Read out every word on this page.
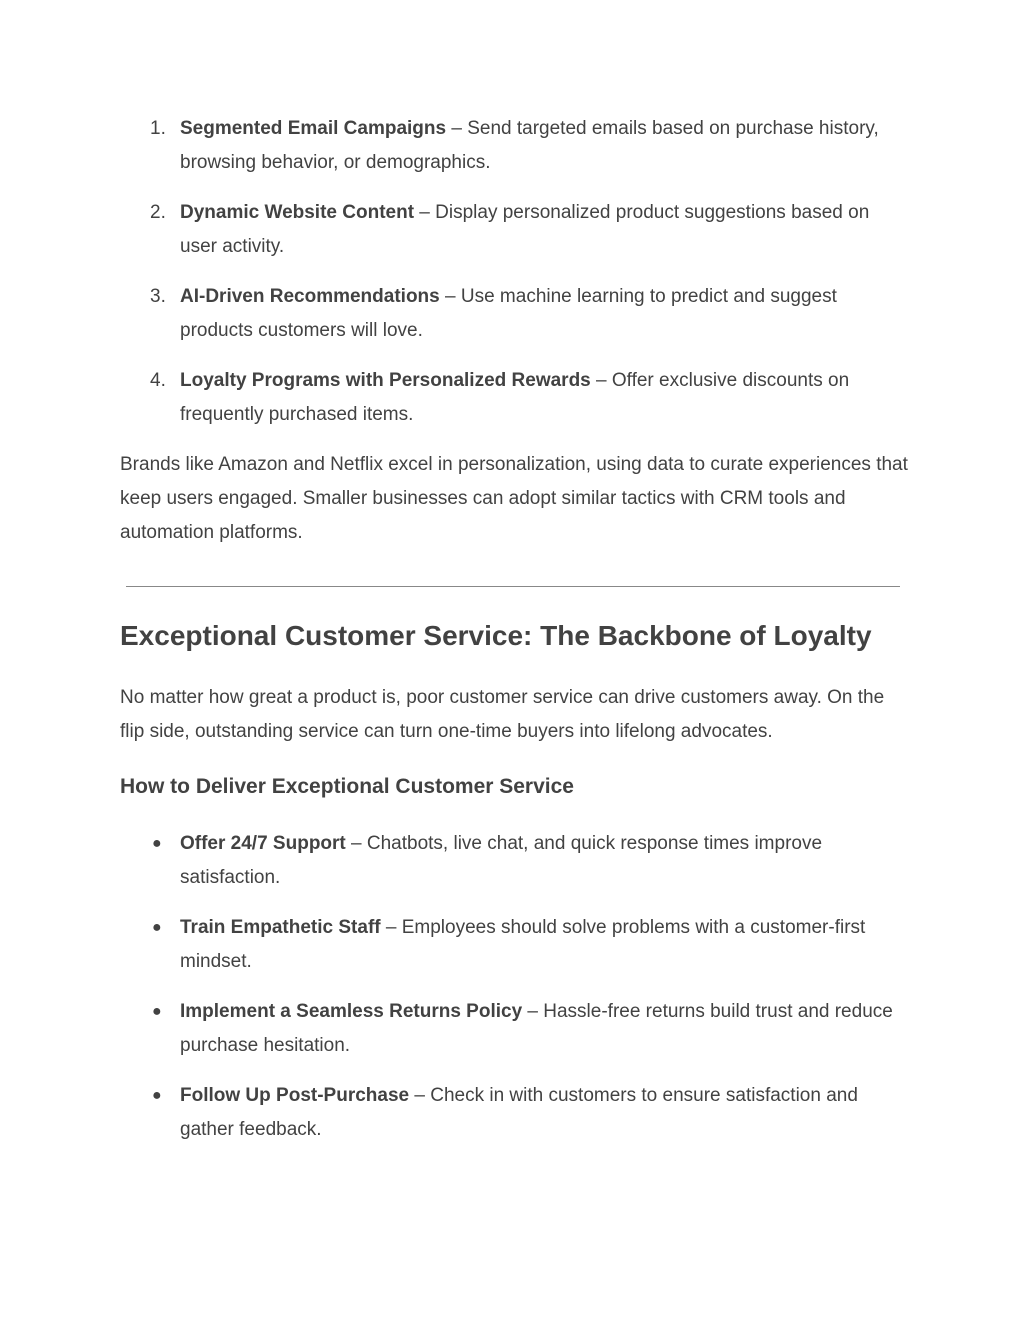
1. Segmented Email Campaigns – Send targeted emails based on purchase history, browsing behavior, or demographics.
2. Dynamic Website Content – Display personalized product suggestions based on user activity.
3. AI-Driven Recommendations – Use machine learning to predict and suggest products customers will love.
4. Loyalty Programs with Personalized Rewards – Offer exclusive discounts on frequently purchased items.

Brands like Amazon and Netflix excel in personalization, using data to curate experiences that keep users engaged. Smaller businesses can adopt similar tactics with CRM tools and automation platforms.

Exceptional Customer Service: The Backbone of Loyalty

No matter how great a product is, poor customer service can drive customers away. On the flip side, outstanding service can turn one-time buyers into lifelong advocates.

How to Deliver Exceptional Customer Service
● Offer 24/7 Support – Chatbots, live chat, and quick response times improve satisfaction.
● Train Empathetic Staff – Employees should solve problems with a customer-first mindset.
● Implement a Seamless Returns Policy – Hassle-free returns build trust and reduce purchase hesitation.
● Follow Up Post-Purchase – Check in with customers to ensure satisfaction and gather feedback.
